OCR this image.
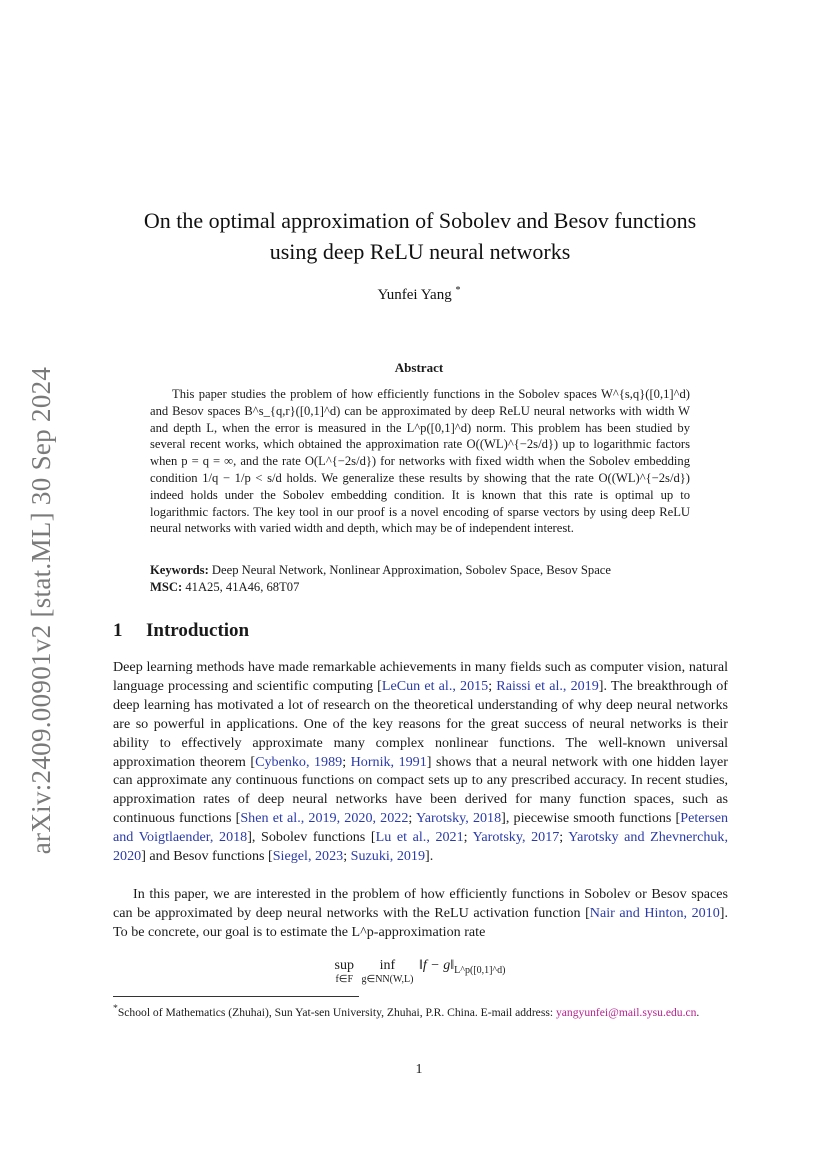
arXiv:2409.00901v2 [stat.ML] 30 Sep 2024
On the optimal approximation of Sobolev and Besov functions
using deep ReLU neural networks
Yunfei Yang *
Abstract

This paper studies the problem of how efficiently functions in the Sobolev spaces W^{s,q}([0,1]^d) and Besov spaces B^s_{q,r}([0,1]^d) can be approximated by deep ReLU neural networks with width W and depth L, when the error is measured in the L^p([0,1]^d) norm. This problem has been studied by several recent works, which obtained the approximation rate O((WL)^{−2s/d}) up to logarithmic factors when p = q = ∞, and the rate O(L^{−2s/d}) for networks with fixed width when the Sobolev embedding condition 1/q − 1/p < s/d holds. We generalize these results by showing that the rate O((WL)^{−2s/d}) indeed holds under the Sobolev embedding condition. It is known that this rate is optimal up to logarithmic factors. The key tool in our proof is a novel encoding of sparse vectors by using deep ReLU neural networks with varied width and depth, which may be of independent interest.

Keywords: Deep Neural Network, Nonlinear Approximation, Sobolev Space, Besov Space
MSC: 41A25, 41A46, 68T07
1 Introduction

Deep learning methods have made remarkable achievements in many fields such as computer vision, natural language processing and scientific computing [LeCun et al., 2015; Raissi et al., 2019]. The breakthrough of deep learning has motivated a lot of research on the theoretical understanding of why deep neural networks are so powerful in applications. One of the key reasons for the great success of neural networks is their ability to effectively approximate many complex nonlinear functions. The well-known universal approximation theorem [Cybenko, 1989; Hornik, 1991] shows that a neural network with one hidden layer can approximate any continuous functions on compact sets up to any prescribed accuracy. In recent studies, approximation rates of deep neural networks have been derived for many function spaces, such as continuous functions [Shen et al., 2019, 2020, 2022; Yarotsky, 2018], piecewise smooth functions [Petersen and Voigtlaender, 2018], Sobolev functions [Lu et al., 2021; Yarotsky, 2017; Yarotsky and Zhevnerchuk, 2020] and Besov functions [Siegel, 2023; Suzuki, 2019].

In this paper, we are interested in the problem of how efficiently functions in Sobolev or Besov spaces can be approximated by deep neural networks with the ReLU activation function [Nair and Hinton, 2010]. To be concrete, our goal is to estimate the L^p-approximation rate

sup
f∈F
inf
g∈NN(W,L)
‖f − $g‖_{L\^{}p([0,1]\^{}d)}$
*School of Mathematics (Zhuhai), Sun Yat-sen University, Zhuhai, P.R. China. E-mail address: yangyunfei@mail.sysu.edu.cn.
1
